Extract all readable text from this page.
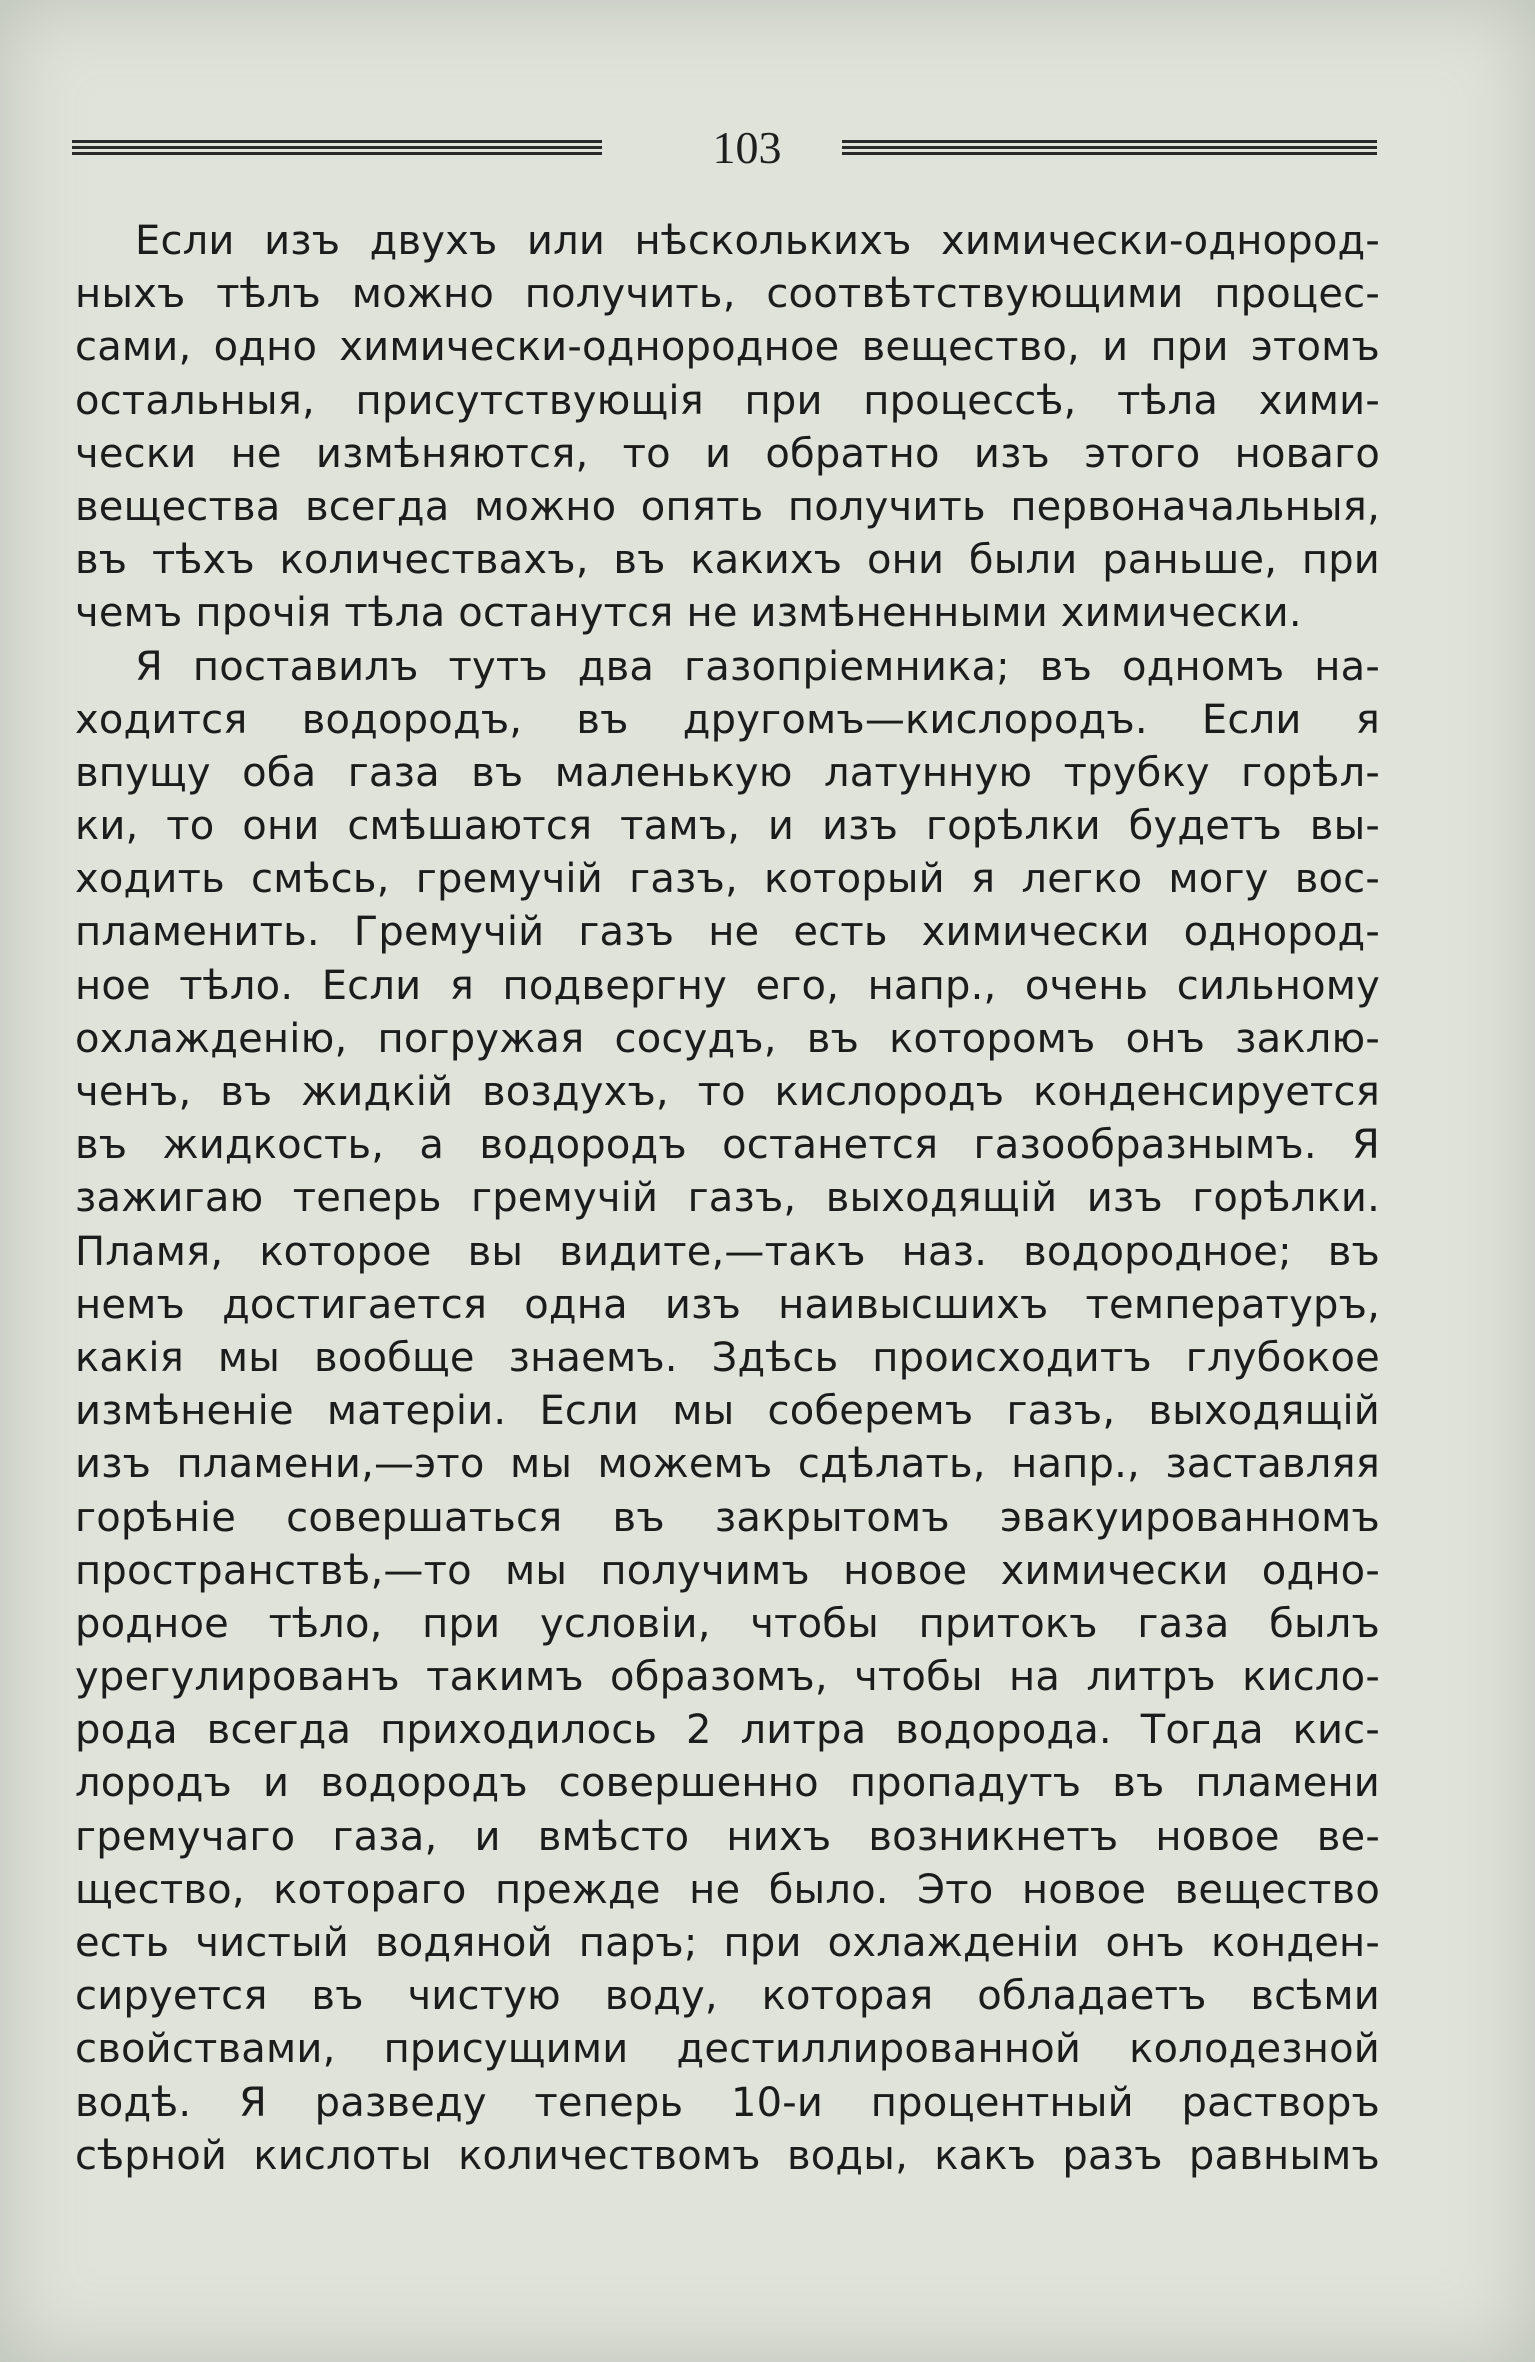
103
Если изъ двухъ или нѣсколькихъ химически-однород-
ныхъ тѣлъ можно получить, соотвѣтствующими процес-
сами, одно химически-однородное вещество, и при этомъ
остальныя, присутствующія при процессѣ, тѣла хими-
чески не измѣняются, то и обратно изъ этого новаго
вещества всегда можно опять получить первоначальныя,
въ тѣхъ количествахъ, въ какихъ они были раньше, при
чемъ прочія тѣла останутся не измѣненными химически.
Я поставилъ тутъ два газопріемника; въ одномъ на-
ходится водородъ, въ другомъ—кислородъ. Если я
впущу оба газа въ маленькую латунную трубку горѣл-
ки, то они смѣшаются тамъ, и изъ горѣлки будетъ вы-
ходить смѣсь, гремучій газъ, который я легко могу вос-
пламенить. Гремучій газъ не есть химически однород-
ное тѣло. Если я подвергну его, напр., очень сильному
охлажденію, погружая сосудъ, въ которомъ онъ заклю-
ченъ, въ жидкій воздухъ, то кислородъ конденсируется
въ жидкость, а водородъ останется газообразнымъ. Я
зажигаю теперь гремучій газъ, выходящій изъ горѣлки.
Пламя, которое вы видите,—такъ наз. водородное; въ
немъ достигается одна изъ наивысшихъ температуръ,
какія мы вообще знаемъ. Здѣсь происходитъ глубокое
измѣненіе матеріи. Если мы соберемъ газъ, выходящій
изъ пламени,—это мы можемъ сдѣлать, напр., заставляя
горѣніе совершаться въ закрытомъ эвакуированномъ
пространствѣ,—то мы получимъ новое химически одно-
родное тѣло, при условіи, чтобы притокъ газа былъ
урегулированъ такимъ образомъ, чтобы на литръ кисло-
рода всегда приходилось 2 литра водорода. Тогда кис-
лородъ и водородъ совершенно пропадутъ въ пламени
гремучаго газа, и вмѣсто нихъ возникнетъ новое ве-
щество, котораго прежде не было. Это новое вещество
есть чистый водяной паръ; при охлажденіи онъ конден-
сируется въ чистую воду, которая обладаетъ всѣми
свойствами, присущими дестиллированной колодезной
водѣ. Я разведу теперь 10-и процентный растворъ
сѣрной кислоты количествомъ воды, какъ разъ равнымъ
